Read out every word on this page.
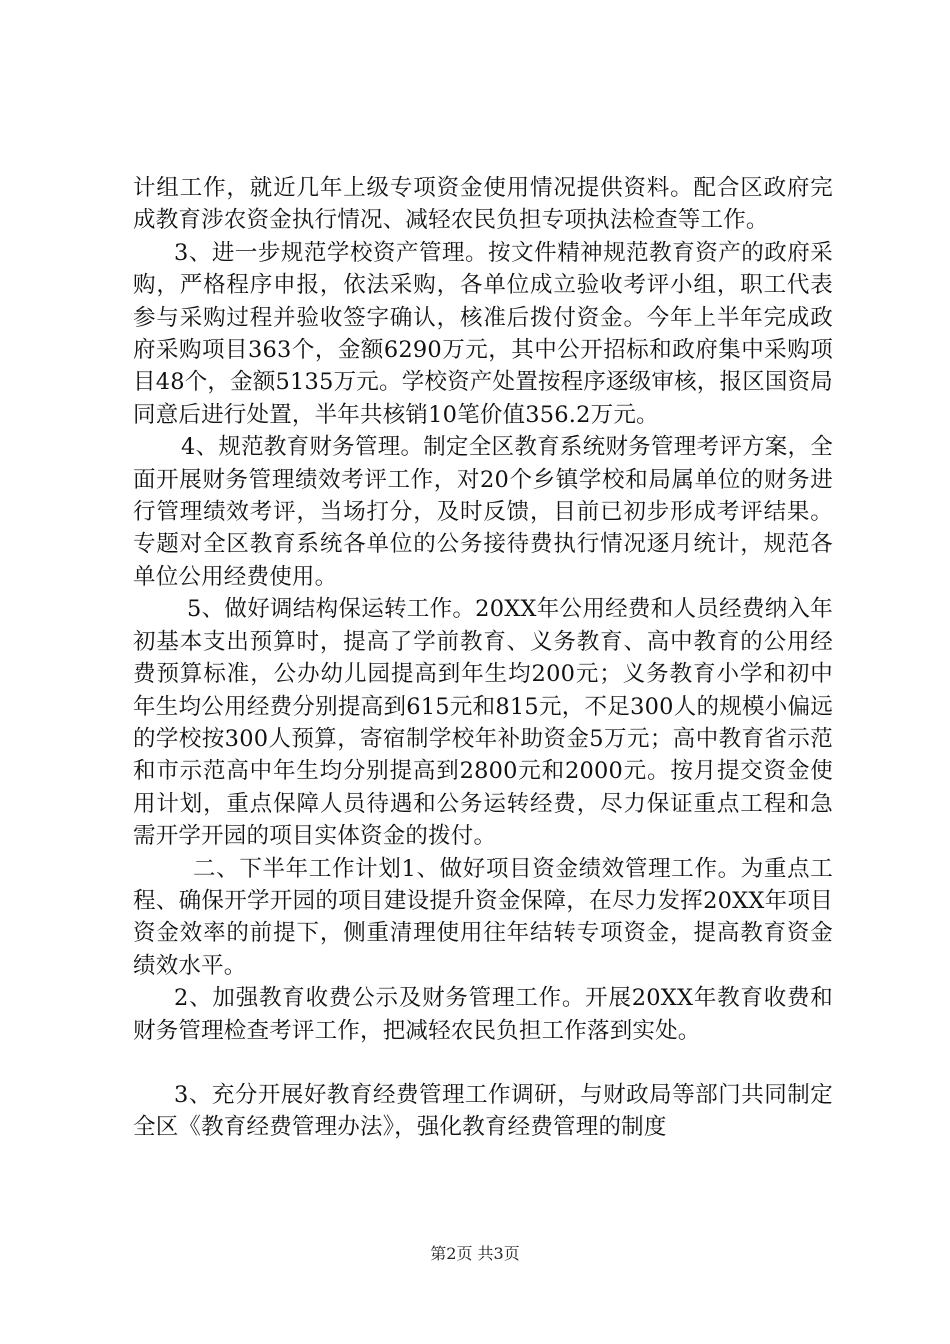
计组工作，就近几年上级专项资金使用情况提供资料。配合区政府完成教育涉农资金执行情况、减轻农民负担专项执法检查等工作。

3、进一步规范学校资产管理。按文件精神规范教育资产的政府采购，严格程序申报，依法采购，各单位成立验收考评小组，职工代表参与采购过程并验收签字确认，核准后拨付资金。今年上半年完成政府采购项目363个，金额6290万元，其中公开招标和政府集中采购项目48个，金额5135万元。学校资产处置按程序逐级审核，报区国资局同意后进行处置，半年共核销10笔价值356.2万元。

4、规范教育财务管理。制定全区教育系统财务管理考评方案，全面开展财务管理绩效考评工作，对20个乡镇学校和局属单位的财务进行管理绩效考评，当场打分，及时反馈，目前已初步形成考评结果。专题对全区教育系统各单位的公务接待费执行情况逐月统计，规范各单位公用经费使用。

5、做好调结构保运转工作。20XX年公用经费和人员经费纳入年初基本支出预算时，提高了学前教育、义务教育、高中教育的公用经费预算标准，公办幼儿园提高到年生均200元；义务教育小学和初中年生均公用经费分别提高到615元和815元，不足300人的规模小偏远的学校按300人预算，寄宿制学校年补助资金5万元；高中教育省示范和市示范高中年生均分别提高到2800元和2000元。按月提交资金使用计划，重点保障人员待遇和公务运转经费，尽力保证重点工程和急需开学开园的项目实体资金的拨付。

二、下半年工作计划1、做好项目资金绩效管理工作。为重点工程、确保开学开园的项目建设提升资金保障，在尽力发挥20XX年项目资金效率的前提下，侧重清理使用往年结转专项资金，提高教育资金绩效水平。

2、加强教育收费公示及财务管理工作。开展20XX年教育收费和财务管理检查考评工作，把减轻农民负担工作落到实处。

3、充分开展好教育经费管理工作调研，与财政局等部门共同制定全区《教育经费管理办法》，强化教育经费管理的制度

第2页 共3页
